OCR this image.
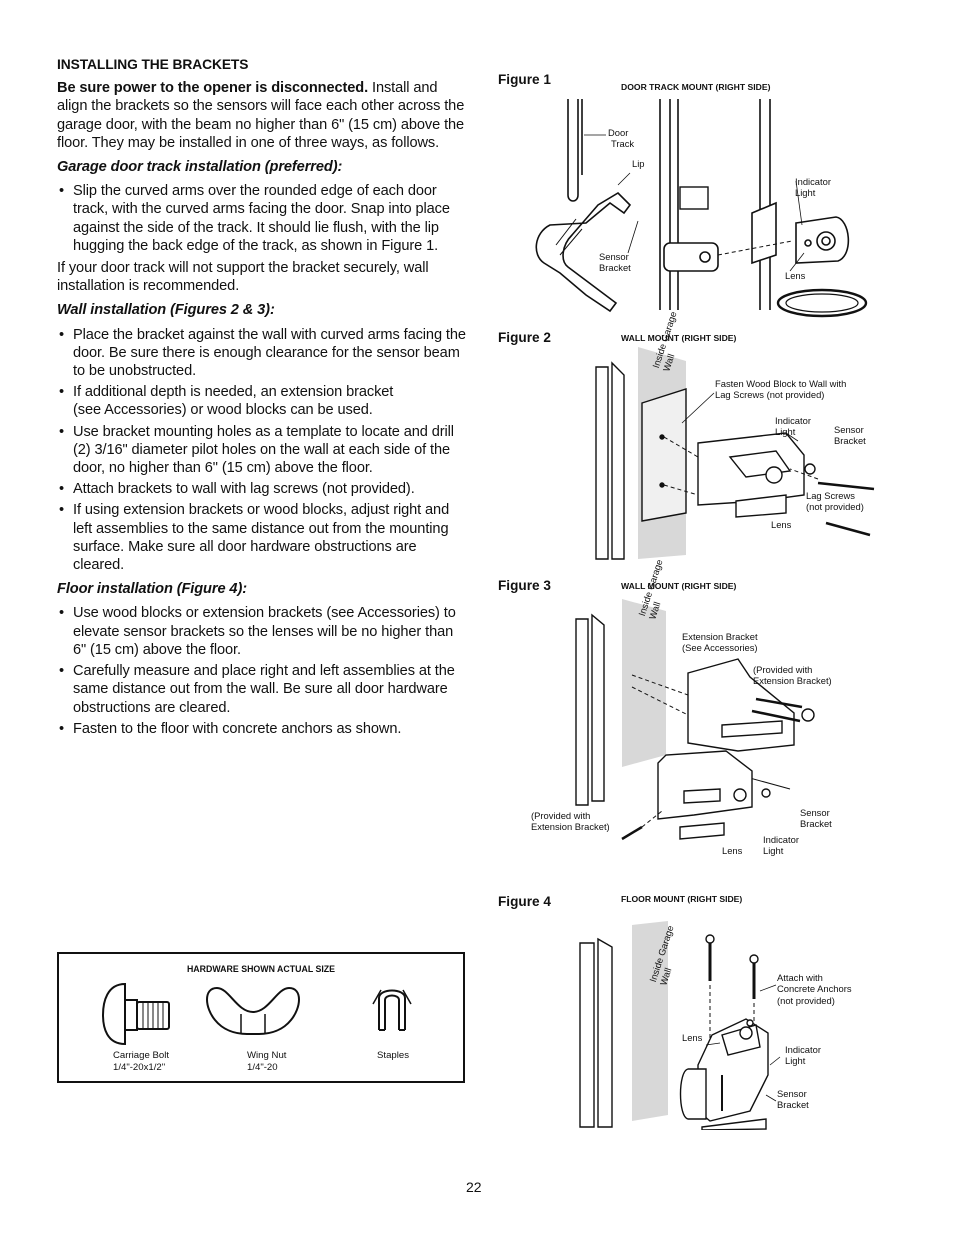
INSTALLING THE BRACKETS

Be sure power to the opener is disconnected. Install and align the brackets so the sensors will face each other across the garage door, with the beam no higher than 6" (15 cm) above the floor. They may be installed in one of three ways, as follows.

Garage door track installation (preferred):

• Slip the curved arms over the rounded edge of each door track, with the curved arms facing the door. Snap into place against the side of the track. It should lie flush, with the lip hugging the back edge of the track, as shown in Figure 1.

If your door track will not support the bracket securely, wall installation is recommended.

Wall installation (Figures 2 & 3):

• Place the bracket against the wall with curved arms facing the door. Be sure there is enough clearance for the sensor beam to be unobstructed.
• If additional depth is needed, an extension bracket (see Accessories) or wood blocks can be used.
• Use bracket mounting holes as a template to locate and drill (2) 3/16" diameter pilot holes on the wall at each side of the door, no higher than 6" (15 cm) above the floor.
• Attach brackets to wall with lag screws (not provided).
• If using extension brackets or wood blocks, adjust right and left assemblies to the same distance out from the mounting surface. Make sure all door hardware obstructions are cleared.

Floor installation (Figure 4):

• Use wood blocks or extension brackets (see Accessories) to elevate sensor brackets so the lenses will be no higher than 6" (15 cm) above the floor.
• Carefully measure and place right and left assemblies at the same distance out from the wall. Be sure all door hardware obstructions are cleared.
• Fasten to the floor with concrete anchors as shown.
HARDWARE SHOWN ACTUAL SIZE
Carriage Bolt
1/4"-20x1/2"
Wing Nut
1/4"-20
Staples
Figure 1	DOOR TRACK MOUNT (RIGHT SIDE)
Door
Track
Lip
Indicator
Light
Sensor
Bracket
Lens
Figure 2	WALL MOUNT (RIGHT SIDE)
Inside Garage Wall
Fasten Wood Block to Wall with
Lag Screws (not provided)
Indicator
Light	Sensor
Bracket
Lag Screws
(not provided)
Lens
Figure 3	WALL MOUNT (RIGHT SIDE)
Inside Garage Wall
Extension Bracket
(See Accessories)
(Provided with
Extension Bracket)
(Provided with
Extension Bracket)
Sensor
Bracket
Indicator
Light
Lens
Figure 4	FLOOR MOUNT (RIGHT SIDE)
Inside Garage Wall	Attach with
Concrete Anchors
(not provided)
Lens
Indicator
Light
Sensor
Bracket
22
